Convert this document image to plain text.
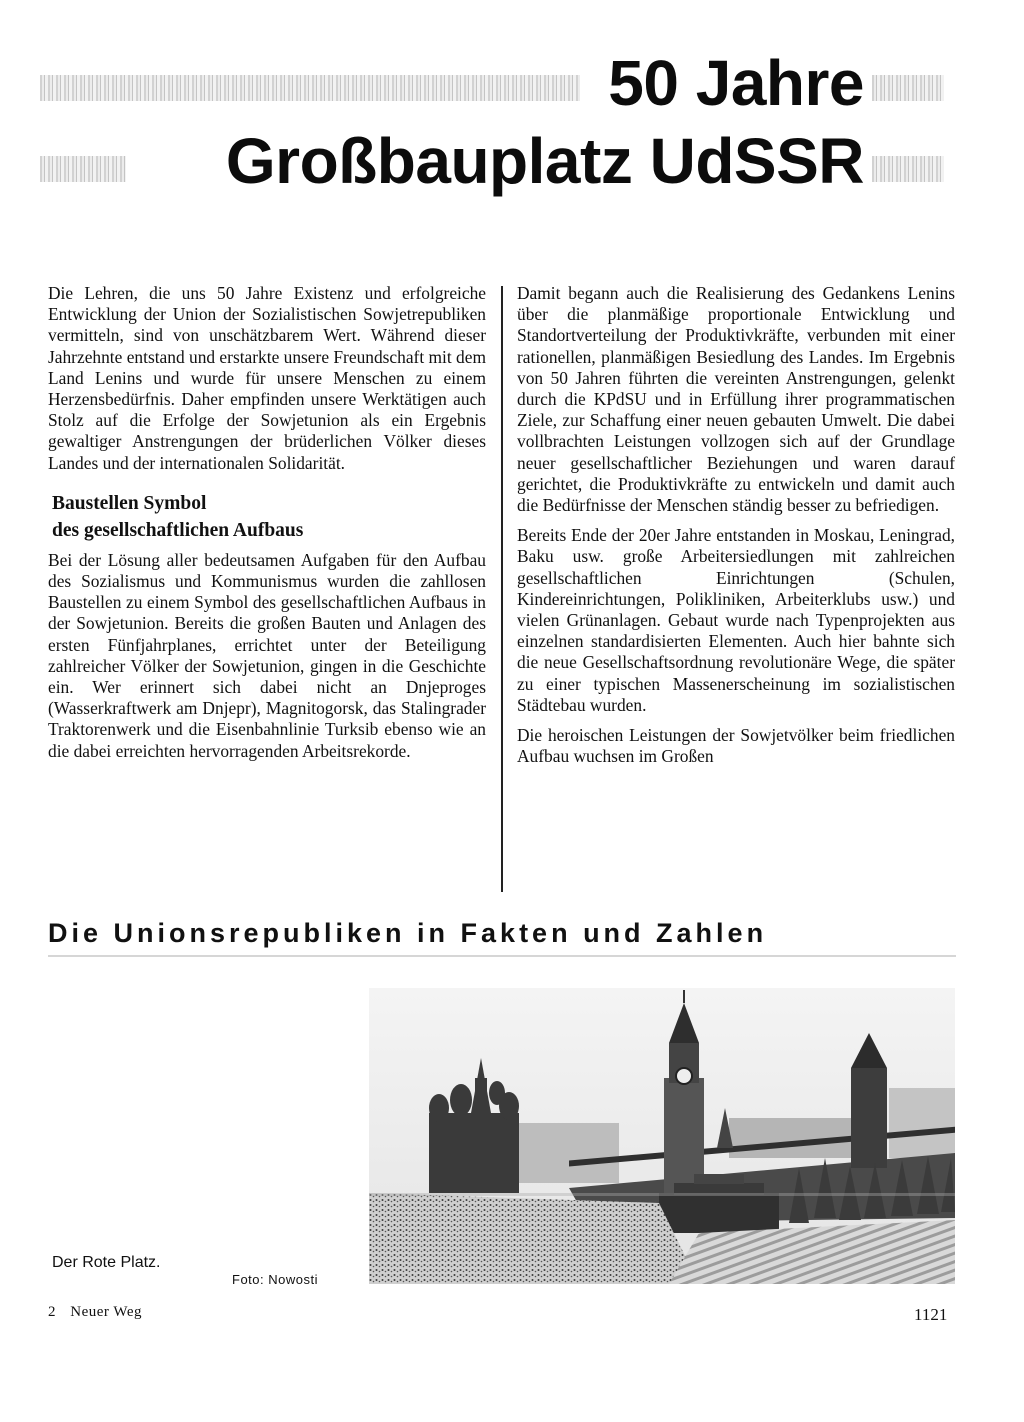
50 Jahre
Großbauplatz UdSSR

Die Lehren, die uns 50 Jahre Existenz und erfolgreiche Entwicklung der Union der Sozialistischen Sowjetrepubliken vermitteln, sind von unschätzbarem Wert. Während dieser Jahrzehnte entstand und erstarkte unsere Freundschaft mit dem Land Lenins und wurde für unsere Menschen zu einem Herzensbedürfnis. Daher empfinden unsere Werktätigen auch Stolz auf die Erfolge der Sowjetunion als ein Ergebnis gewaltiger Anstrengungen der brüderlichen Völker dieses Landes und der internationalen Solidarität.

Baustellen Symbol
des gesellschaftlichen Aufbaus

Bei der Lösung aller bedeutsamen Aufgaben für den Aufbau des Sozialismus und Kommunismus wurden die zahllosen Baustellen zu einem Symbol des gesellschaftlichen Aufbaus in der Sowjetunion. Bereits die großen Bauten und Anlagen des ersten Fünfjahrplanes, errichtet unter der Beteiligung zahlreicher Völker der Sowjetunion, gingen in die Geschichte ein. Wer erinnert sich dabei nicht an Dnjeproges (Wasserkraftwerk am Dnjepr), Magnitogorsk, das Stalingrader Traktorenwerk und die Eisenbahnlinie Turksib ebenso wie an die dabei erreichten hervorragenden Arbeitsrekorde.

Damit begann auch die Realisierung des Gedankens Lenins über die planmäßige proportionale Entwicklung und Standortverteilung der Produktivkräfte, verbunden mit einer rationellen, planmäßigen Besiedlung des Landes. Im Ergebnis von 50 Jahren führten die vereinten Anstrengungen, gelenkt durch die KPdSU und in Erfüllung ihrer programmatischen Ziele, zur Schaffung einer neuen gebauten Umwelt. Die dabei vollbrachten Leistungen vollzogen sich auf der Grundlage neuer gesellschaftlicher Beziehungen und waren darauf gerichtet, die Produktivkräfte zu entwickeln und damit auch die Bedürfnisse der Menschen ständig besser zu befriedigen.

Bereits Ende der 20er Jahre entstanden in Moskau, Leningrad, Baku usw. große Arbeitersiedlungen mit zahlreichen gesellschaftlichen Einrichtungen (Schulen, Kindereinrichtungen, Polikliniken, Arbeiterklubs usw.) und vielen Grünanlagen. Gebaut wurde nach Typenprojekten aus einzelnen standardisierten Elementen. Auch hier bahnte sich die neue Gesellschaftsordnung revolutionäre Wege, die später zu einer typischen Massenerscheinung im sozialistischen Städtebau wurden.

Die heroischen Leistungen der Sowjetvölker beim friedlichen Aufbau wuchsen im Großen

Die Unionsrepubliken in Fakten und Zahlen
Der Rote Platz.
Foto: Nowosti
2 Neuer Weg	1121
